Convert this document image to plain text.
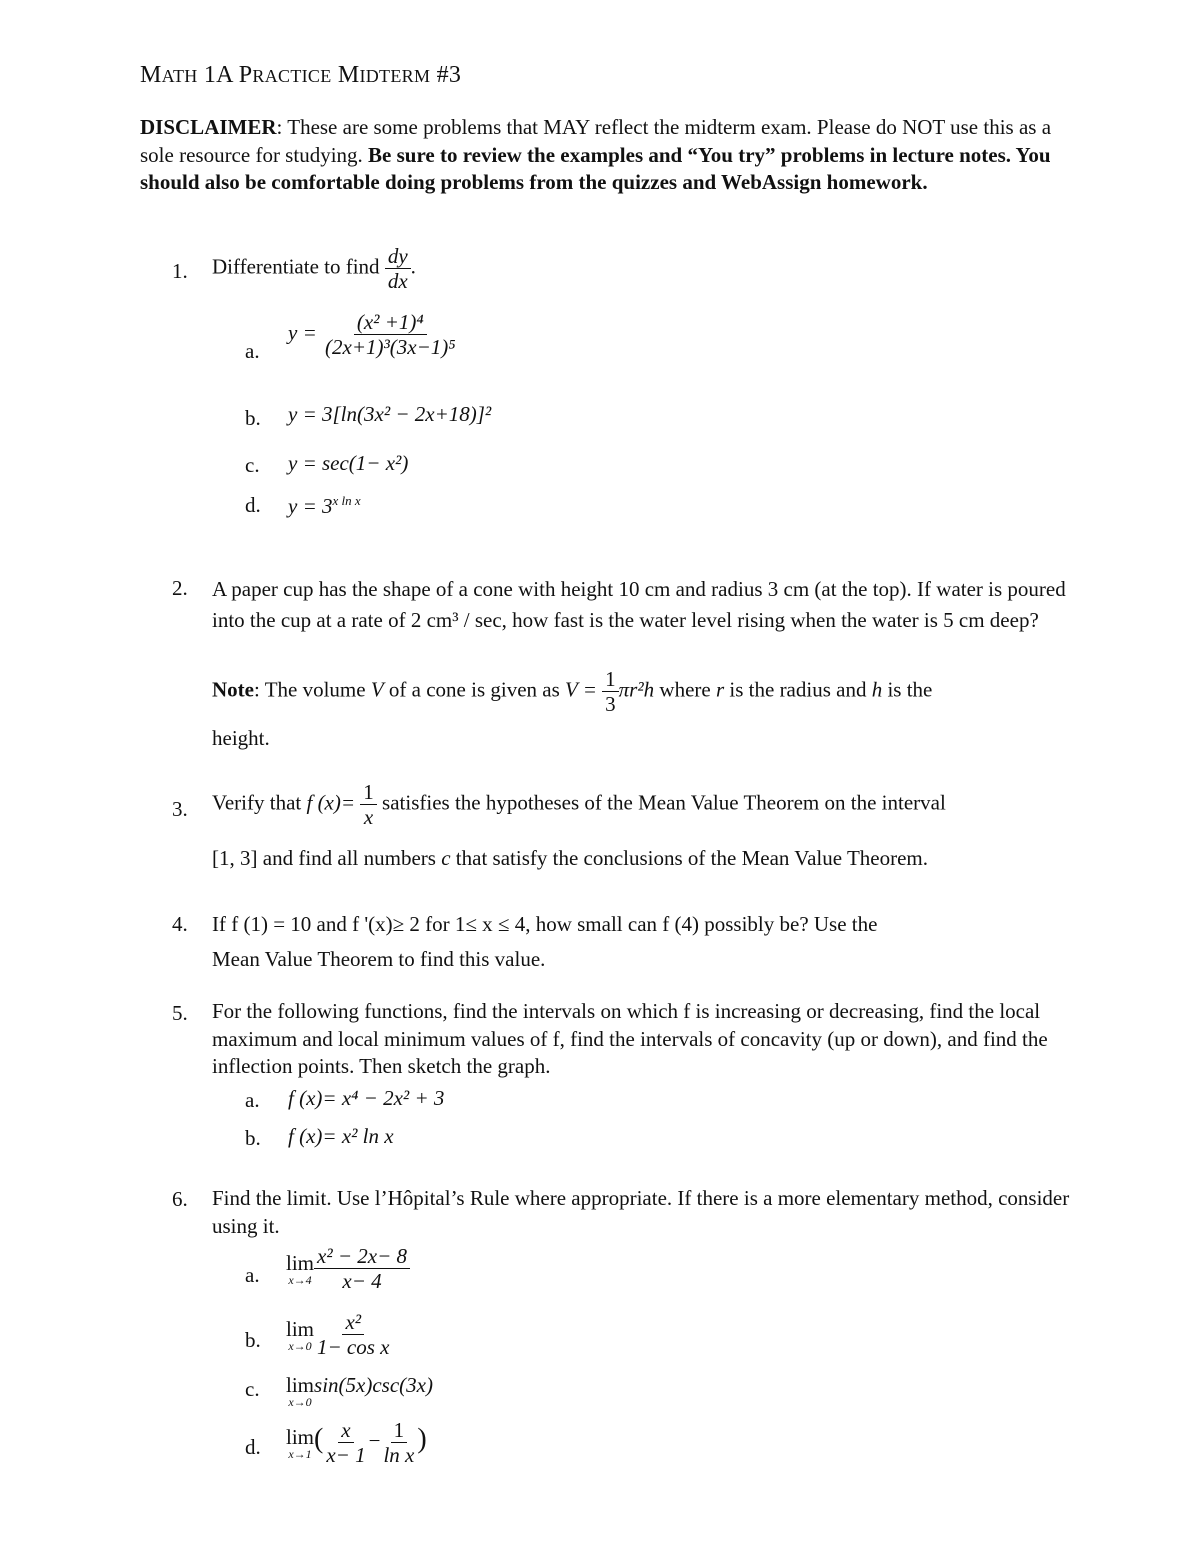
MATH 1A PRACTICE MIDTERM #3
DISCLAIMER: These are some problems that MAY reflect the midterm exam. Please do NOT use this as a sole resource for studying. Be sure to review the examples and “You try” problems in lecture notes. You should also be comfortable doing problems from the quizzes and WebAssign homework.
1. Differentiate to find $\frac{dy}{dx}$ .
a.
$y = \frac{\text{(x² +1)⁴}}{\text{(2x+1)³(3x−1)⁵}}$
b. y = 3[ln(3x² − 2x+18)]²
c. y = sec(1− x²)
d. $y = 3^{x ln x}$
2. A paper cup has the shape of a cone with height 10 cm and radius 3 cm (at the top). If water is poured into the cup at a rate of 2 cm³ / sec, how fast is the water level rising when the water is 5 cm deep?
Note: The volume V of a cone is given as $V = \frac{1}{3} \pi r^2h$ where r is the radius and h is the
height.
3. Verify that f $(x)= \frac{1}{x}$ satisfies the hypotheses of the Mean Value Theorem on the interval
[1, 3] and find all numbers c that satisfy the conclusions of the Mean Value Theorem.
4. If f (1) = 10 and f '(x)≥ 2 for 1≤ x ≤ 4, how small can f (4) possibly be? Use the
Mean Value Theorem to find this value.
5. For the following functions, find the intervals on which f is increasing or decreasing, find the local maximum and local minimum values of f, find the intervals of concavity (up or down), and find the inflection points. Then sketch the graph.
a. f (x)= x⁴ − 2x² + 3
b. f (x)= x² ln x
6. Find the limit. Use l’Hôpital’s Rule where appropriate. If there is a more elementary method, consider using it.
a. lim
$x\to 4 \frac{\text{x² − 2x− 8}}{x- 4}$
b. lim
$x\to 0 \frac{\text{x²}}{\text{1− cos x}}$
c. lim
x→0
sin(5x)csc(3x)
d. lim
x→1 ( $\frac{x}{x- 1} - \frac{1}{\text{ln x}}$ )
